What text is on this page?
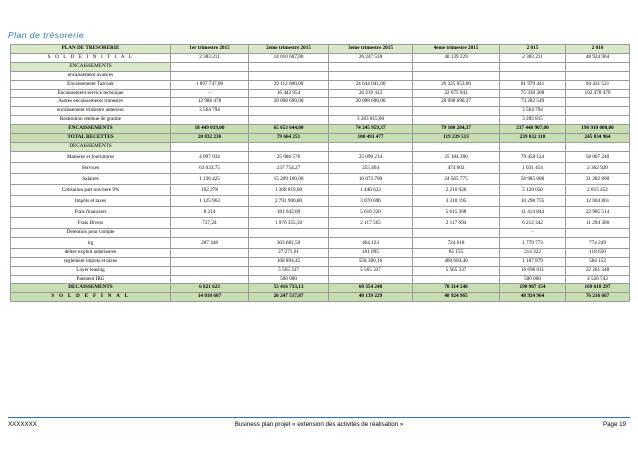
Plan de trésorerie
PLAN DE TRESORERIE	1er trimestre 2015	2eme trimestre 2015	3eme trimestre 2015	4eme trimestre 2015	2 015	2 016
S O L D E I N I T I A L	2 383 211	14 010 607,00	26 247 518	40 139 229	2 383 211	48 924 964
ENCAISSEMENTS						
encaissement avances						
Encaissement Tazrouk	1 897 747,00	29 112 000,00	24 644 041,00	26 325 653,00	81 979 441	94 431 521
Encaissement service technique	-	16 442 954	26 219 413	32 675 941	75 338 308	102 478 479
Autres encaissements trimestre	12 986 478	20 098 690,00	20 098 690,00	20 098 690,37	73 282 549	
encaissement trimestre anterieur	3 564 794				3 564 794	
Restitution retenue de grantie			3 283 815,00		3 283 815	
ENCAISSEMENTS	18 449 019,00	65 653 644,00	74 245 959,37	79 100 284,37	237 448 907,00	196 910 000,00
TOTAL RECETTES	20 832 230	79 664 251	100 493 477	119 239 513	239 832 118	245 834 964
DECAISSEMENTS						
Matieres et fournitures	4 097 034	25 086 576	25 090 214	25 184 280	79 458 124	58 007 240
Services	63 633,75	237 754,27	255 464	474 602	1 031 454	2 362 920
Salaires	1 136 425	15 209 100,00	16 073 700	24 565 775	56 985 000	31 282 800
Cotisation part ouvriere 9%	102 278	1 368 819,00	1 446 633	2 210 920	5 128 650	2 815 452
Impôts et taxes	1 125 963	2 791 900,80	3 070 696	3 310 195	10 298 755	12 604 861
Frais financiers	8 214	181 042,00	5 610 220	5 615 368	11 414 844	22 985 514
Frais Divers	727,24	1 976 355,50	2 117 565	2 117 694	6 212 342	11 294 368
Detention pour compte					-	
irg	287 348	303 682,50	464 124	724 618	1 779 773	774 249
dettes exploit antérieures		27 271,61	101 895	85 155	214 322	118 650
reglement impots et taxes		168 894,45	558 380,16	460 604,40	1 187 879	584 152
Loyer leasing		5 565 337	5 565 337	5 565 337	16 696 011	22 261 348
Paement IRG		500 000			500 000	4 526 743
DECAISSEMENTS	6 821 623	53 416 733,13	60 354 248	70 314 548	190 907 154	169 618 297
S O L D E F I N A L	14 010 607	26 247 517,87	40 139 229	48 924 965	48 924 964	76 216 667
XXXXXXX	Business plan projet « extension des activités de réalisation »	Page 19
